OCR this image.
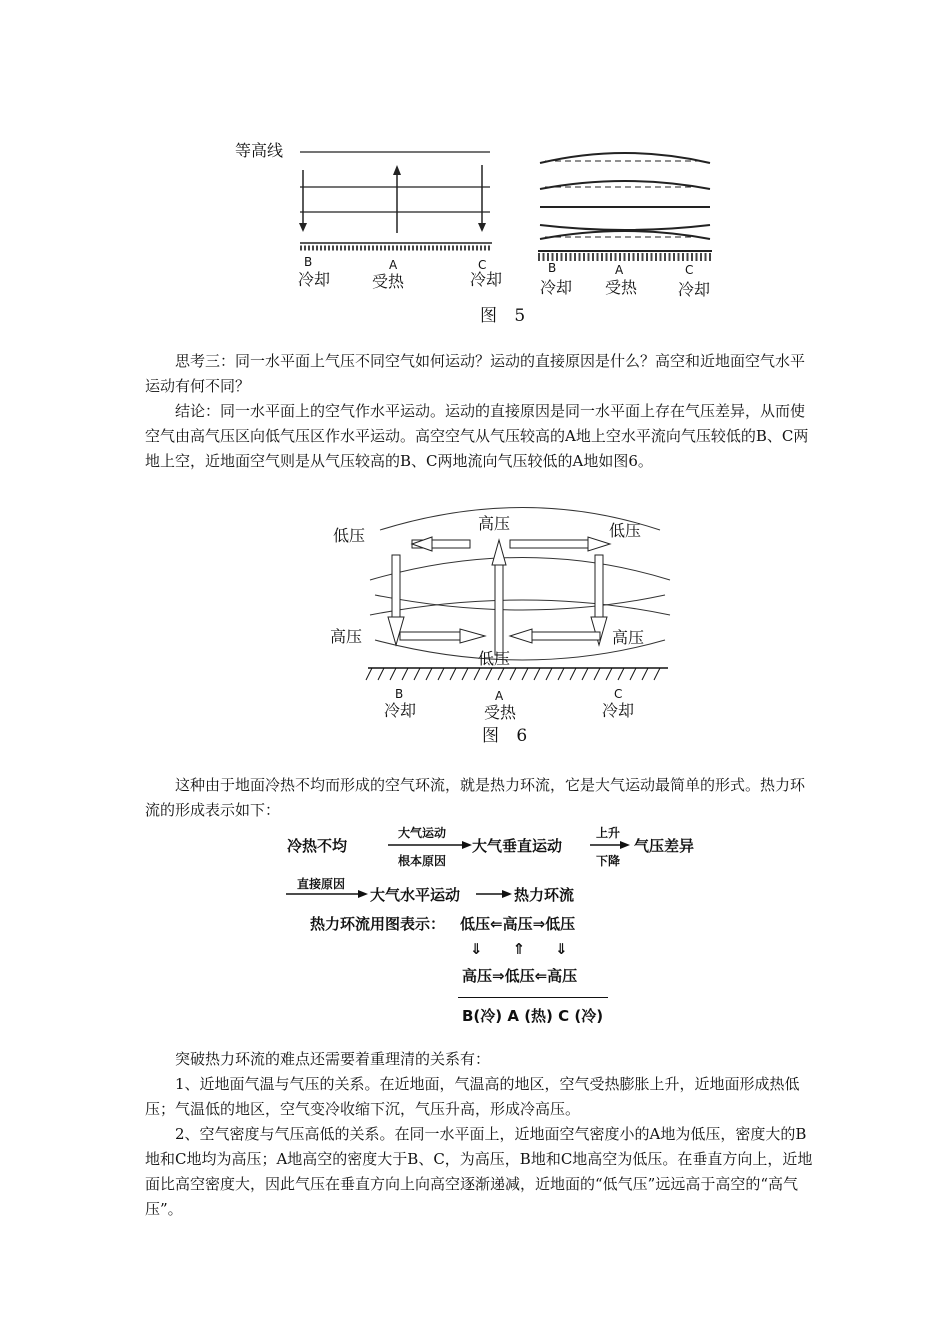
等高线
B
冷却
A
受热
C
冷却
B
冷却
A
受热
C
冷却
图 5

思考三：同一水平面上气压不同空气如何运动？运动的直接原因是什么？高空和近地面空气水平运动有何不同？

结论：同一水平面上的空气作水平运动。运动的直接原因是同一水平面上存在气压差异，从而使空气由高气压区向低气压区作水平运动。高空空气从气压较高的A地上空水平流向气压较低的B、C两地上空，近地面空气则是从气压较高的B、C两地流向气压较低的A地如图6。

低压
高压	低压
高压
低压
高压
B
冷却
A
受热
C
冷却
图 6

这种由于地面冷热不均而形成的空气环流，就是热力环流，它是大气运动最简单的形式。热力环流的形成表示如下：

冷热不均
大气运动
根本原因
大气垂直运动
上升
下降
气压差异
直接原因
大气水平运动	热力环流
热力环流用图表示： 低压⇐高压⇒低压
⇓　　⇑　　⇓
高压⇒低压⇐高压
B(冷) A (热) C (冷)

突破热力环流的难点还需要着重理清的关系有：

1、近地面气温与气压的关系。在近地面，气温高的地区，空气受热膨胀上升，近地面形成热低压；气温低的地区，空气变冷收缩下沉，气压升高，形成冷高压。

2、空气密度与气压高低的关系。在同一水平面上，近地面空气密度小的A地为低压，密度大的B地和C地均为高压；A地高空的密度大于B、C，为高压，B地和C地高空为低压。在垂直方向上，近地面比高空密度大，因此气压在垂直方向上向高空逐渐递减，近地面的“低气压”远远高于高空的“高气压”。
